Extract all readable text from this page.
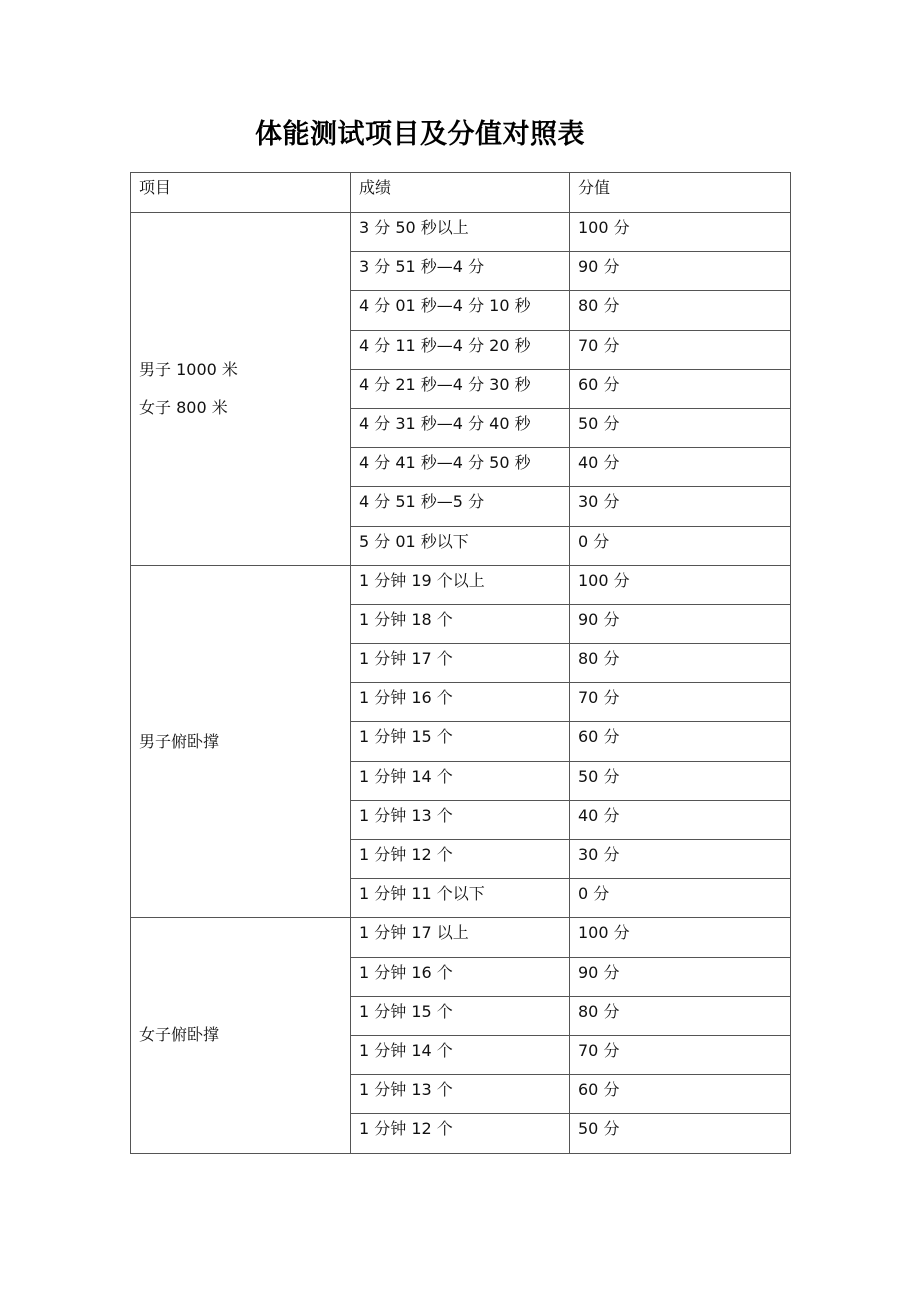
体能测试项目及分值对照表
项目	成绩	分值

男子 1000 米
女子 800 米	3 分 50 秒以上	100 分
	3 分 51 秒—4 分	90 分
	4 分 01 秒—4 分 10 秒	80 分
	4 分 11 秒—4 分 20 秒	70 分
	4 分 21 秒—4 分 30 秒	60 分
	4 分 31 秒—4 分 40 秒	50 分
	4 分 41 秒—4 分 50 秒	40 分
	4 分 51 秒—5 分	30 分
	5 分 01 秒以下	0 分

男子俯卧撑	1 分钟 19 个以上	100 分
	1 分钟 18 个	90 分
	1 分钟 17 个	80 分
	1 分钟 16 个	70 分
	1 分钟 15 个	60 分
	1 分钟 14 个	50 分
	1 分钟 13 个	40 分
	1 分钟 12 个	30 分
	1 分钟 11 个以下	0 分

女子俯卧撑	1 分钟 17 以上	100 分
	1 分钟 16 个	90 分
	1 分钟 15 个	80 分
	1 分钟 14 个	70 分
	1 分钟 13 个	60 分
	1 分钟 12 个	50 分
